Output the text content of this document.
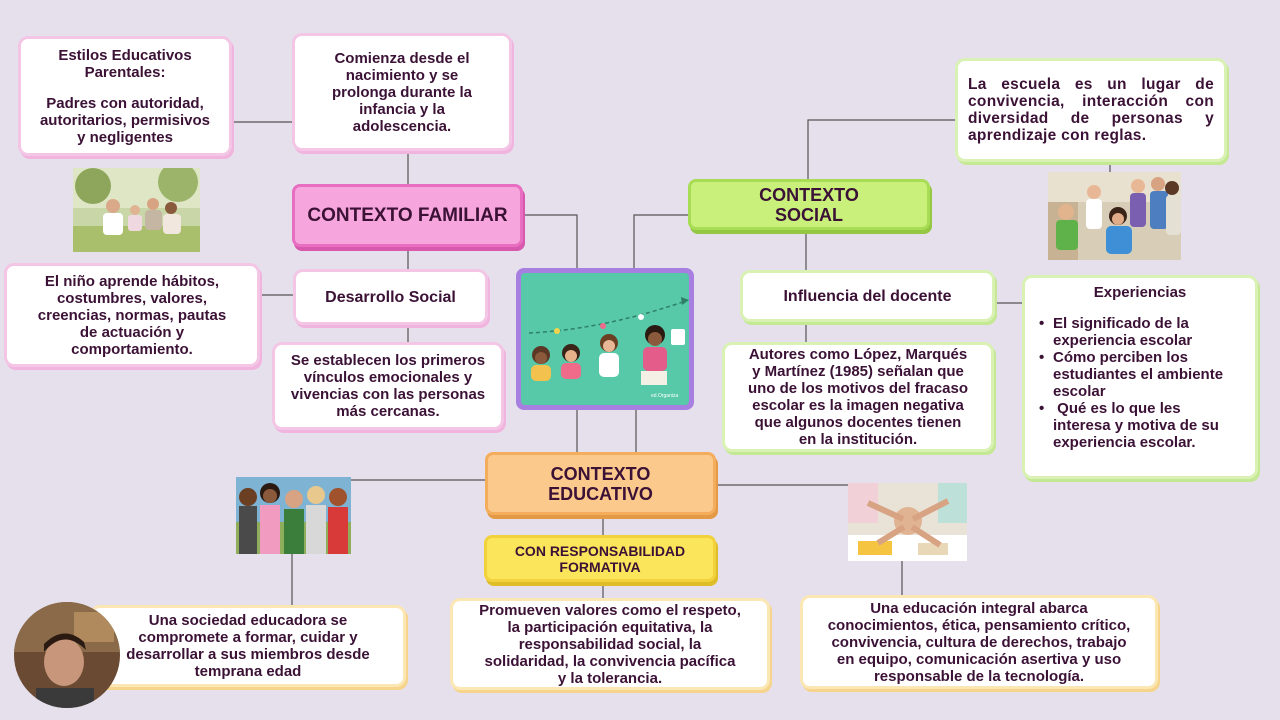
Estilos Educativos
Parentales:
Padres con autoridad,
autoritarios, permisivos
y negligentes
Comienza desde el
nacimiento y se
prolonga durante la
infancia y la
adolescencia.
CONTEXTO FAMILIAR
El niño aprende hábitos,
costumbres, valores,
creencias, normas, pautas
de actuación y
comportamiento.
Desarrollo Social
Se establecen los primeros
vínculos emocionales y
vivencias con las personas
más cercanas.
ed.Organiza
La escuela es un lugar de
convivencia, interacción con
diversidad de personas y
aprendizaje con reglas.
CONTEXTO
SOCIAL
Influencia del docente
Autores como López, Marqués
y Martínez (1985) señalan que
uno de los motivos del fracaso
escolar es la imagen negativa
que algunos docentes tienen
en la institución.
Experiencias
• El significado de la
experiencia escolar
• Cómo perciben los
estudiantes el ambiente
escolar
•  Qué es lo que les
interesa y motiva de su
experiencia escolar.
CONTEXTO
EDUCATIVO
CON RESPONSABILIDAD
FORMATIVA
Una sociedad educadora se
compromete a formar, cuidar y
desarrollar a sus miembros desde
temprana edad
Promueven valores como el respeto,
la participación equitativa, la
responsabilidad social, la
solidaridad, la convivencia pacífica
y la tolerancia.
Una educación integral abarca
conocimientos, ética, pensamiento crítico,
convivencia, cultura de derechos, trabajo
en equipo, comunicación asertiva y uso
responsable de la tecnología.
